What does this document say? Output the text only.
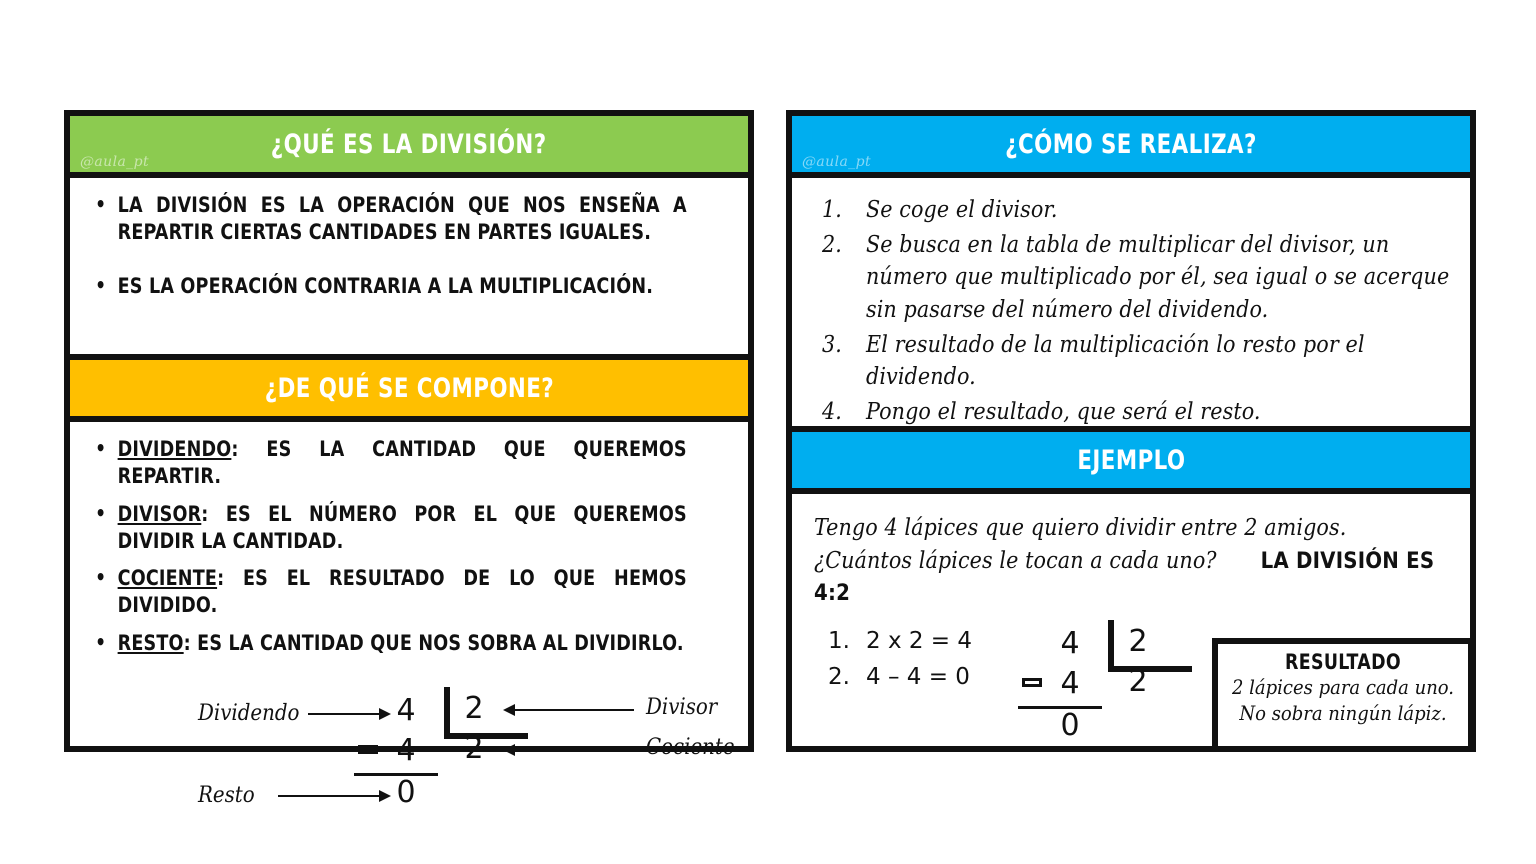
¿QUÉ ES LA DIVISIÓN?
@aula_pt
• LA DIVISIÓN ES LA OPERACIÓN QUE NOS ENSEÑA A REPARTIR CIERTAS CANTIDADES EN PARTES IGUALES.
• ES LA OPERACIÓN CONTRARIA A LA MULTIPLICACIÓN.
¿DE QUÉ SE COMPONE?
• DIVIDENDO: ES LA CANTIDAD QUE QUEREMOS REPARTIR.
• DIVISOR: ES EL NÚMERO POR EL QUE QUEREMOS DIVIDIR LA CANTIDAD.
• COCIENTE: ES EL RESULTADO DE LO QUE HEMOS DIVIDIDO.
• RESTO: ES LA CANTIDAD QUE NOS SOBRA AL DIVIDIRLO.
Dividendo	4	2	Divisor
4	2	Cociente
Resto	0
¿CÓMO SE REALIZA?
@aula_pt
1. Se coge el divisor.
2. Se busca en la tabla de multiplicar del divisor, un número que multiplicado por él, sea igual o se acerque sin pasarse del número del dividendo.
3. El resultado de la multiplicación lo resto por el dividendo.
4. Pongo el resultado, que será el resto.
EJEMPLO
Tengo 4 lápices que quiero dividir entre 2 amigos. ¿Cuántos lápices le tocan a cada uno? LA DIVISIÓN ES 4:2
1. 2 x 2 = 4
2. 4 – 4 = 0
4	2
4	2
0
RESULTADO
2 lápices para cada uno.
No sobra ningún lápiz.
